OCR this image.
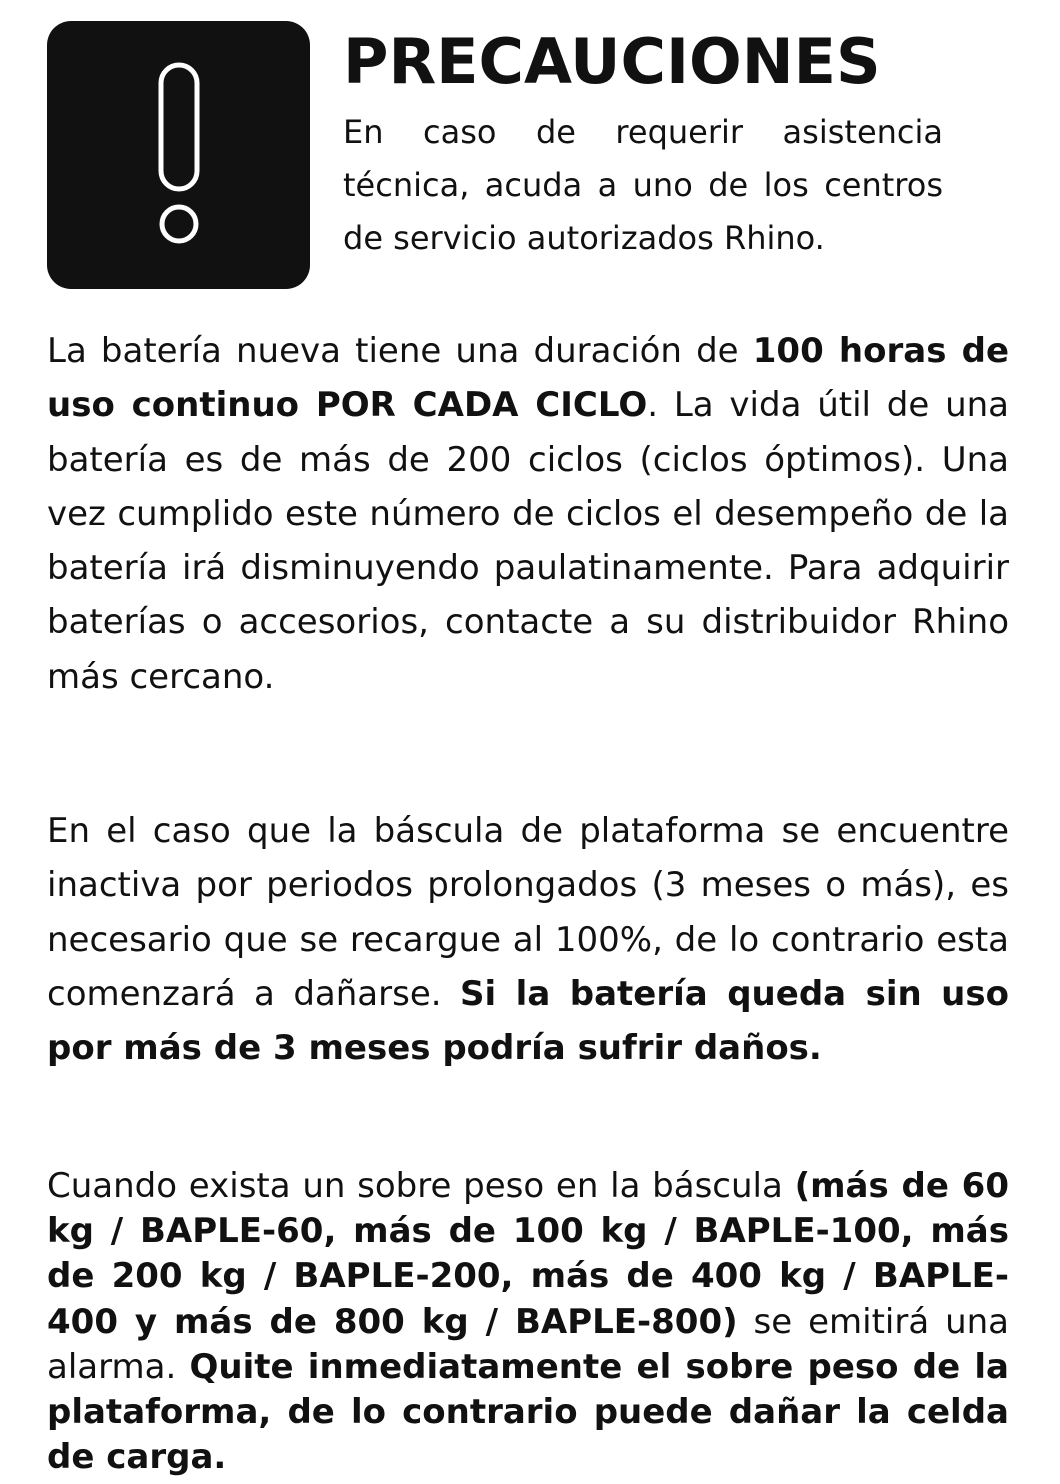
PRECAUCIONES

En caso de requerir asistencia técnica, acuda a uno de los centros de servicio autorizados Rhino.

La batería nueva tiene una duración de 100 horas de uso continuo POR CADA CICLO. La vida útil de una batería es de más de 200 ciclos (ciclos óptimos). Una vez cumplido este número de ciclos el desempeño de la batería irá disminuyendo paulatinamente. Para adquirir baterías o accesorios, contacte a su distribuidor Rhino más cercano.

En el caso que la báscula de plataforma se encuentre inactiva por periodos prolongados (3 meses o más), es necesario que se recargue al 100%, de lo contrario esta comenzará a dañarse. Si la batería queda sin uso por más de 3 meses podría sufrir daños.

Cuando exista un sobre peso en la báscula (más de 60 kg / BAPLE-60, más de 100 kg / BAPLE-100, más de 200 kg / BAPLE-200, más de 400 kg / BAPLE-400 y más de 800 kg / BAPLE-800) se emitirá una alarma. Quite inmediatamente el sobre peso de la plataforma, de lo contrario puede dañar la celda de carga.
